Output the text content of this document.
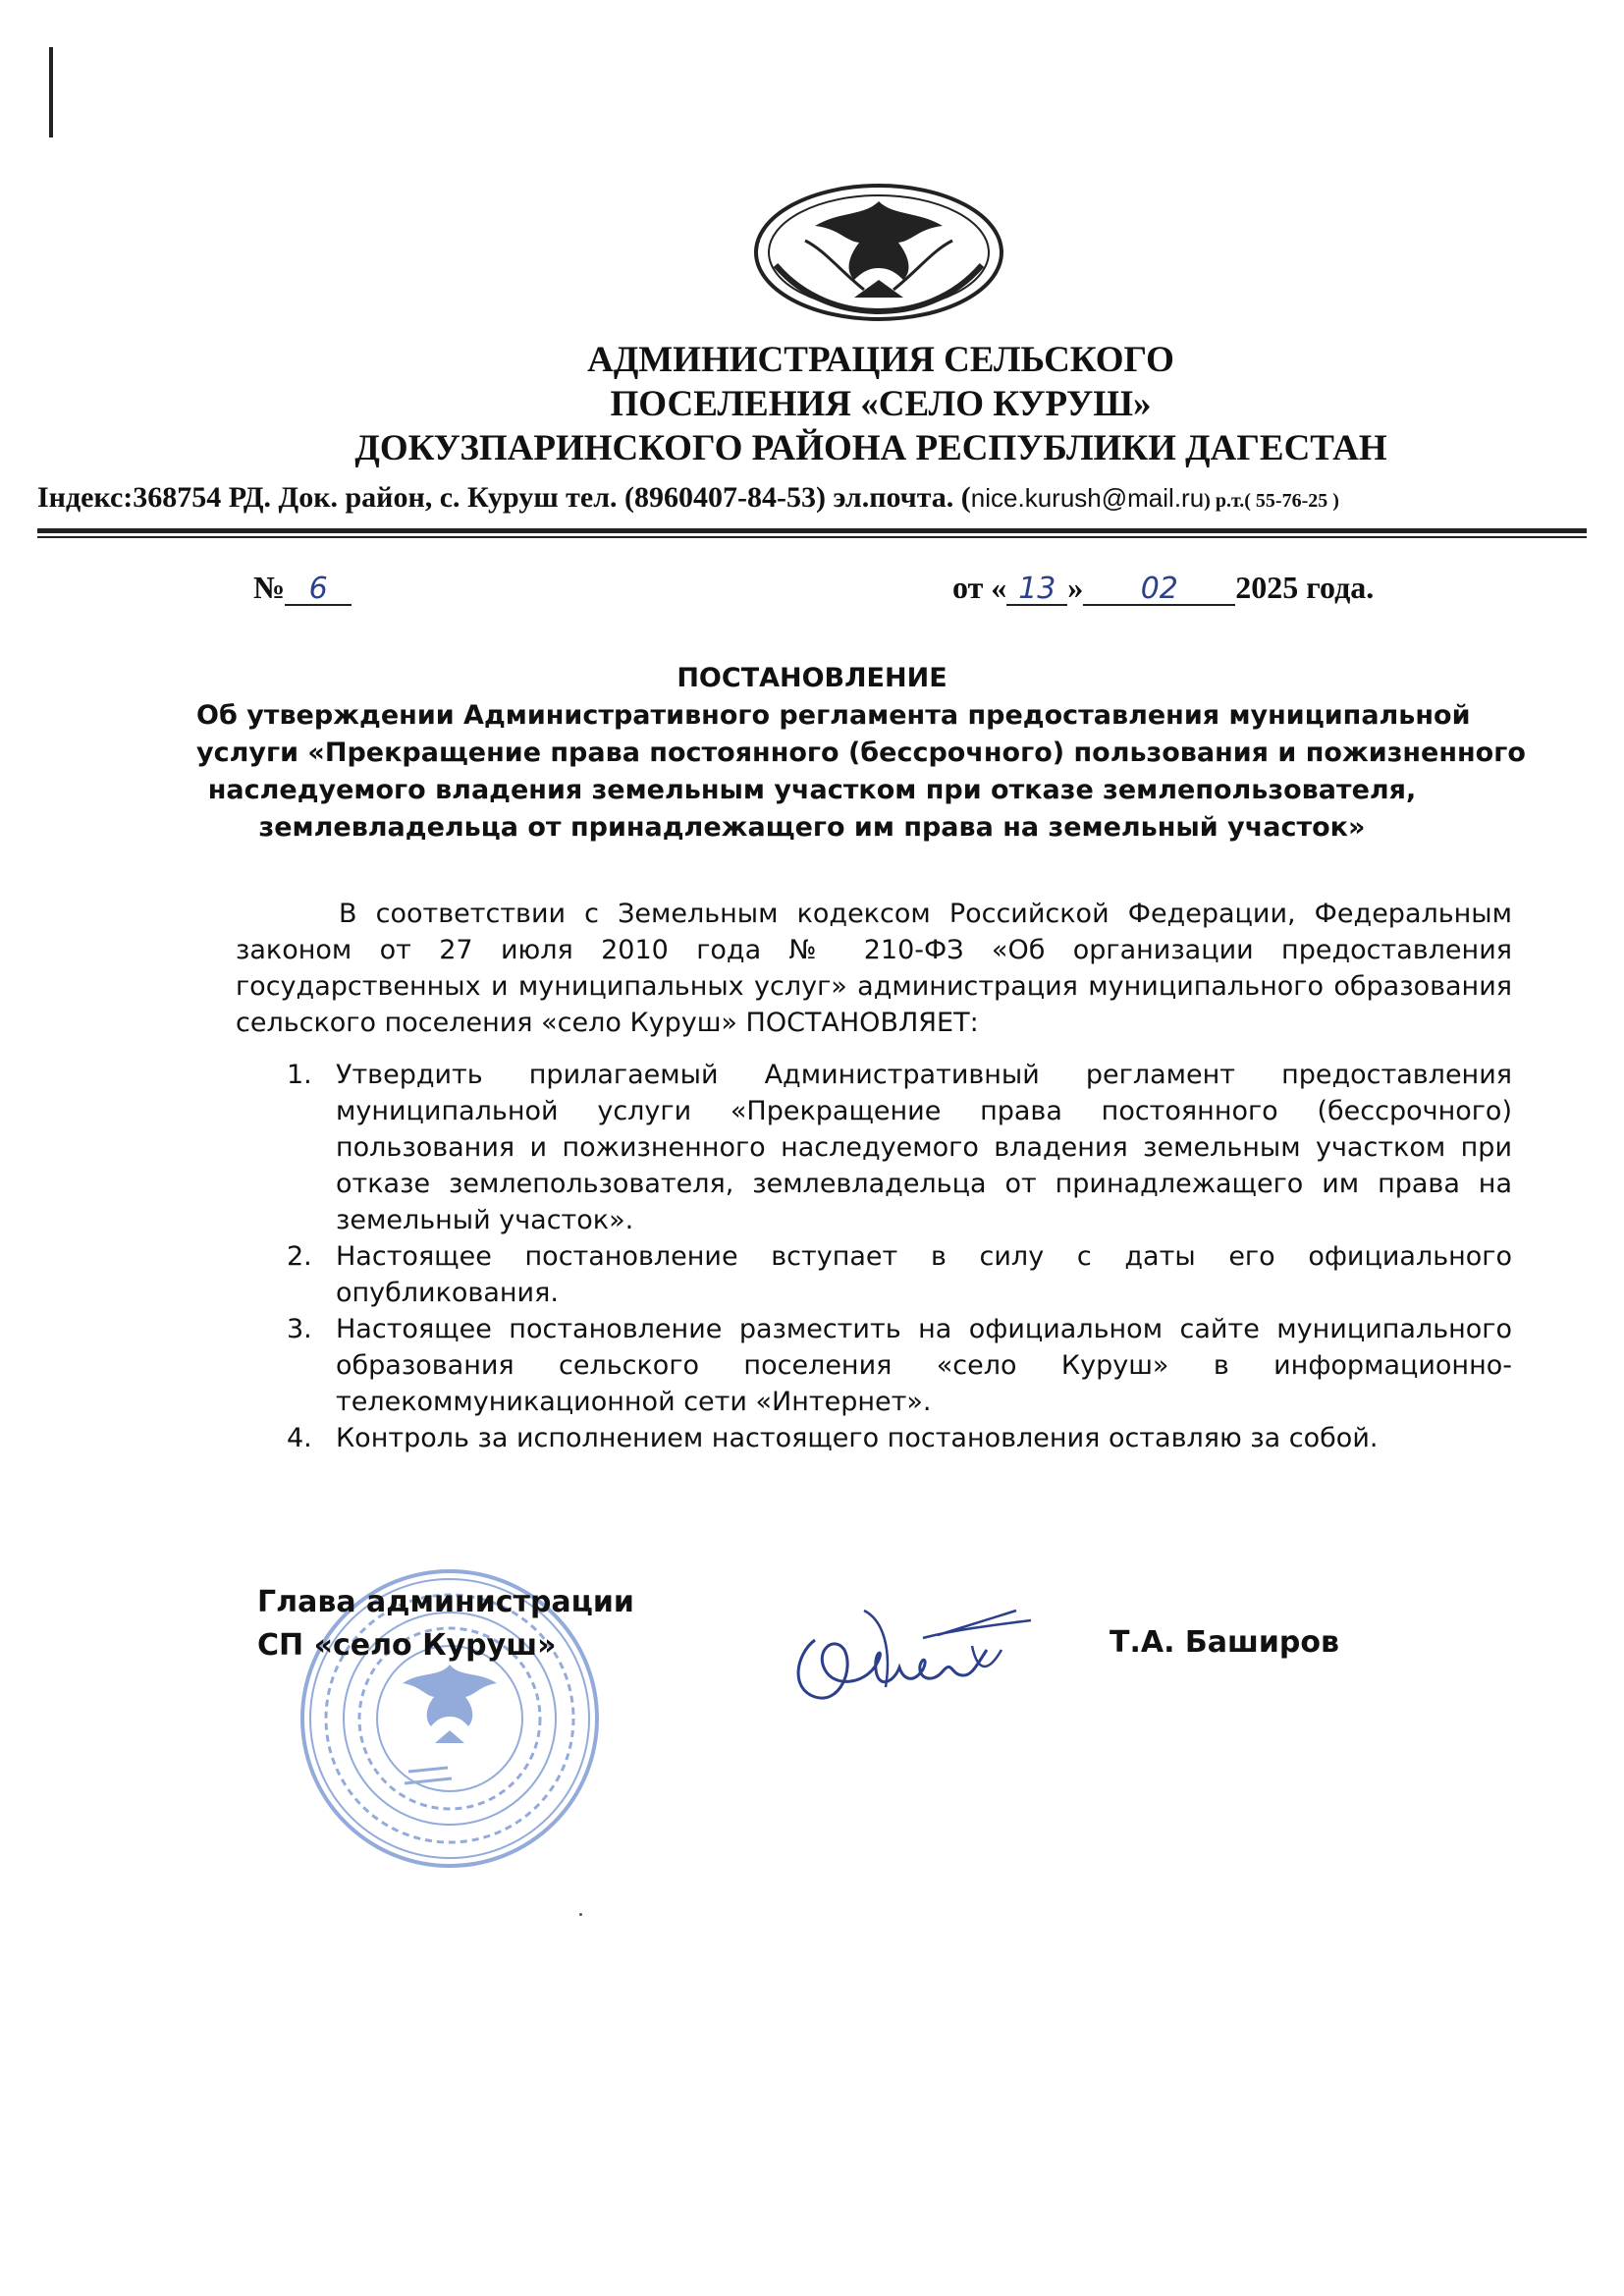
АДМИНИСТРАЦИЯ СЕЛЬСКОГО
ПОСЕЛЕНИЯ «СЕЛО КУРУШ»
ДОКУЗПАРИНСКОГО РАЙОНА РЕСПУБЛИКИ ДАГЕСТАН
Індекс:368754 РД. Док. район, с. Куруш тел. (8960407-84-53) эл.почта. (nice.kurush@mail.ru) р.т.( 55-76-25 )
№ 6	от « 13 » 02 2025 года.
ПОСТАНОВЛЕНИЕ
Об утверждении Административного регламента предоставления муниципальной
услуги «Прекращение права постоянного (бессрочного) пользования и пожизненного
наследуемого владения земельным участком при отказе землепользователя,
землевладельца от принадлежащего им права на земельный участок»
В соответствии с Земельным кодексом Российской Федерации, Федеральным законом от 27 июля 2010 года № 210-ФЗ «Об организации предоставления государственных и муниципальных услуг» администрация муниципального образования сельского поселения «село Куруш» ПОСТАНОВЛЯЕТ:
1. Утвердить прилагаемый Административный регламент предоставления муниципальной услуги «Прекращение права постоянного (бессрочного) пользования и пожизненного наследуемого владения земельным участком при отказе землепользователя, землевладельца от принадлежащего им права на земельный участок».
2. Настоящее постановление вступает в силу с даты его официального опубликования.
3. Настоящее постановление разместить на официальном сайте муниципального образования сельского поселения «село Куруш» в информационно-телекоммуникационной сети «Интернет».
4. Контроль за исполнением настоящего постановления оставляю за собой.
Глава администрации
СП «село Куруш»	Т.А. Баширов
